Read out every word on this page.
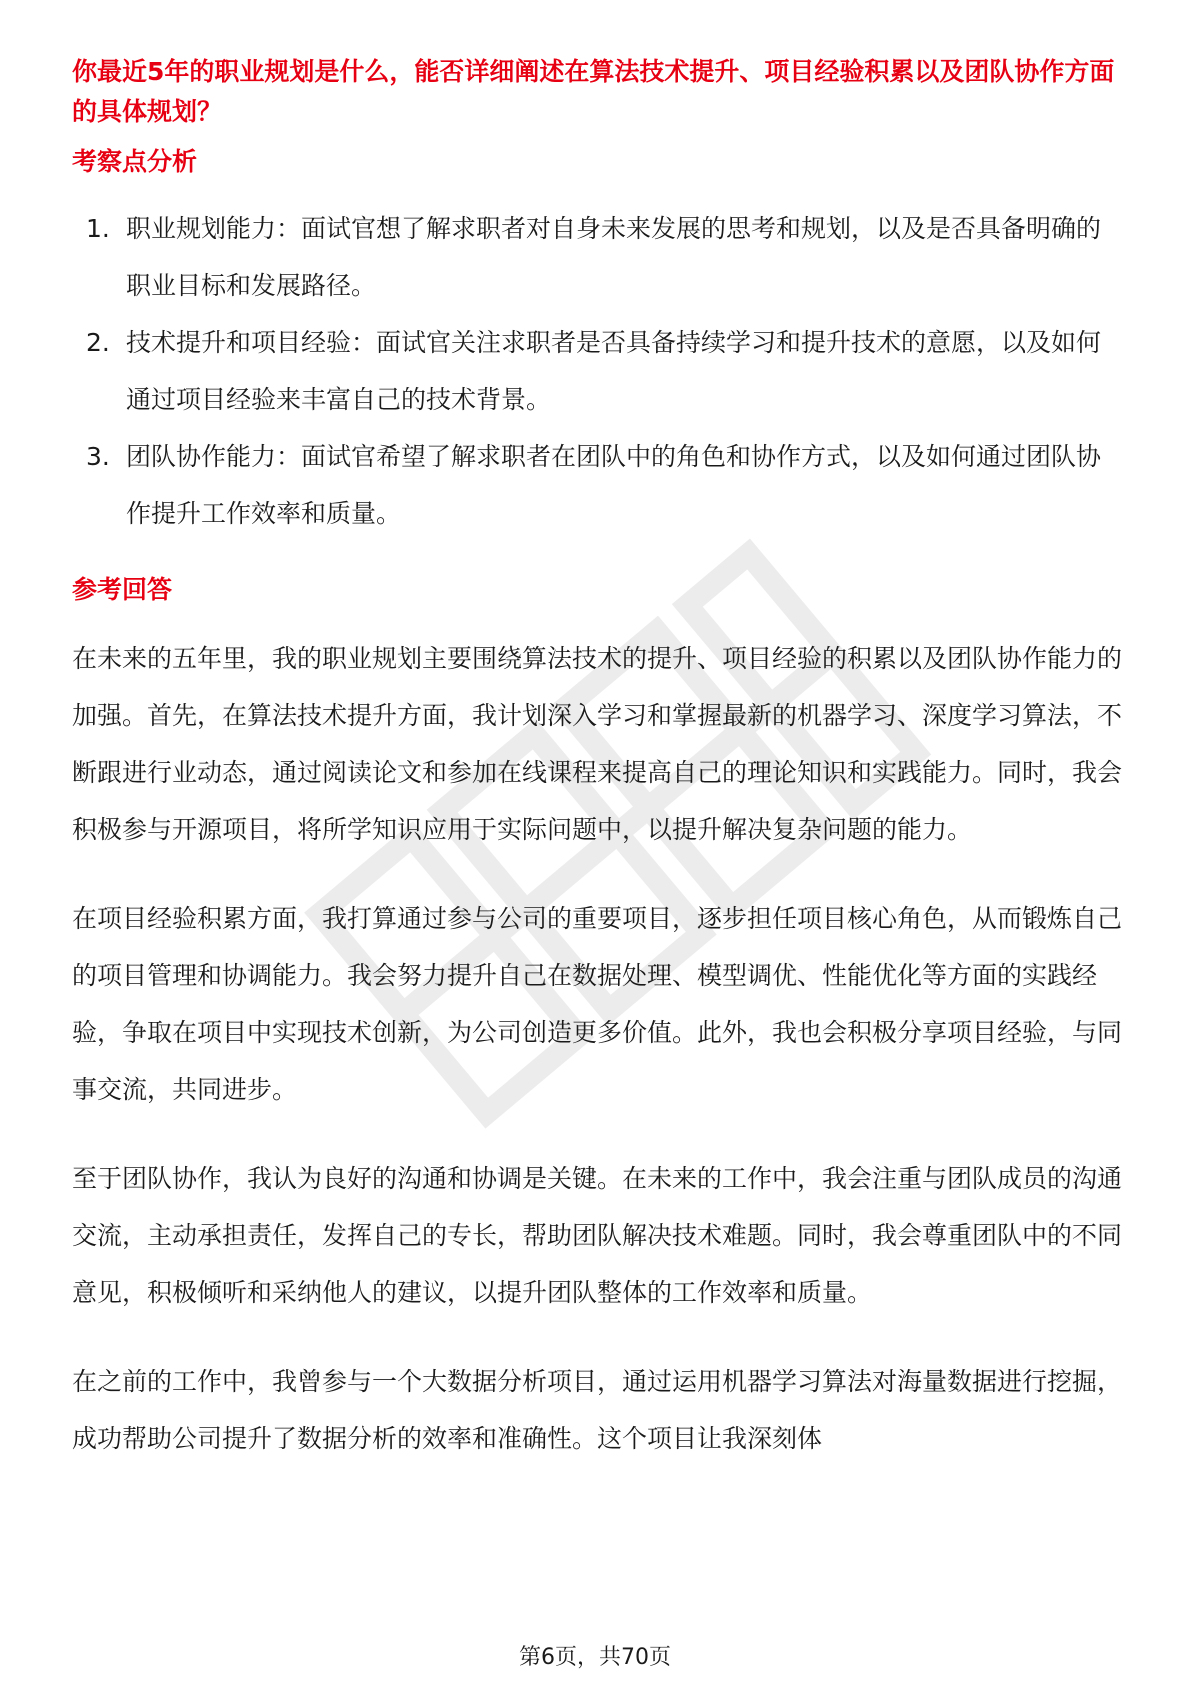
你最近5年的职业规划是什么，能否详细阐述在算法技术提升、项目经验积累以及团队协作方面的具体规划？

考察点分析
1. 职业规划能力：面试官想了解求职者对自身未来发展的思考和规划，以及是否具备明确的职业目标和发展路径。
2. 技术提升和项目经验：面试官关注求职者是否具备持续学习和提升技术的意愿，以及如何通过项目经验来丰富自己的技术背景。
3. 团队协作能力：面试官希望了解求职者在团队中的角色和协作方式，以及如何通过团队协作提升工作效率和质量。
参考回答

在未来的五年里，我的职业规划主要围绕算法技术的提升、项目经验的积累以及团队协作能力的加强。首先，在算法技术提升方面，我计划深入学习和掌握最新的机器学习、深度学习算法，不断跟进行业动态，通过阅读论文和参加在线课程来提高自己的理论知识和实践能力。同时，我会积极参与开源项目，将所学知识应用于实际问题中，以提升解决复杂问题的能力。

在项目经验积累方面，我打算通过参与公司的重要项目，逐步担任项目核心角色，从而锻炼自己的项目管理和协调能力。我会努力提升自己在数据处理、模型调优、性能优化等方面的实践经验，争取在项目中实现技术创新，为公司创造更多价值。此外，我也会积极分享项目经验，与同事交流，共同进步。

至于团队协作，我认为良好的沟通和协调是关键。在未来的工作中，我会注重与团队成员的沟通交流，主动承担责任，发挥自己的专长，帮助团队解决技术难题。同时，我会尊重团队中的不同意见，积极倾听和采纳他人的建议，以提升团队整体的工作效率和质量。

在之前的工作中，我曾参与一个大数据分析项目，通过运用机器学习算法对海量数据进行挖掘，成功帮助公司提升了数据分析的效率和准确性。这个项目让我深刻体

第6页，共70页
